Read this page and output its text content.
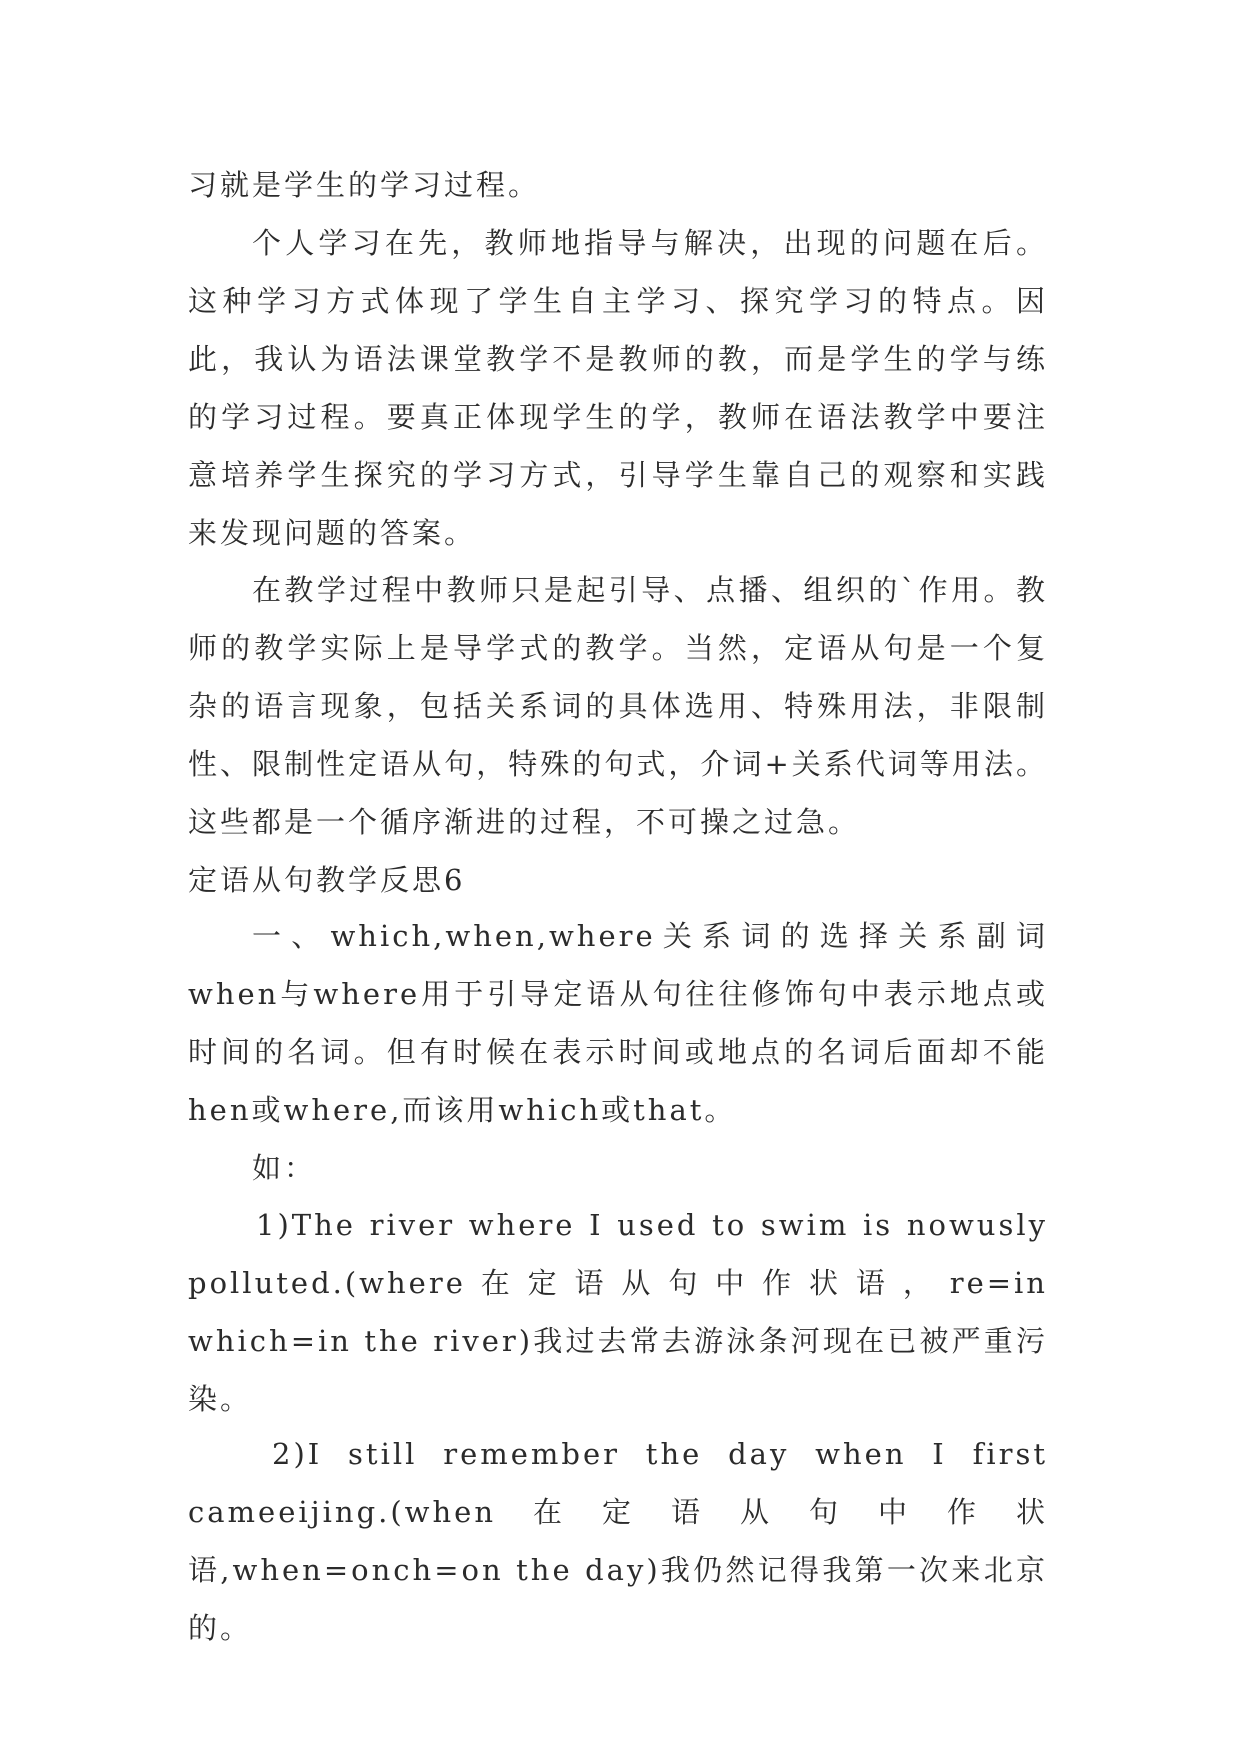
习就是学生的学习过程。

个人学习在先，教师地指导与解决，出现的问题在后。这种学习方式体现了学生自主学习、探究学习的特点。因此，我认为语法课堂教学不是教师的教，而是学生的学与练的学习过程。要真正体现学生的学，教师在语法教学中要注意培养学生探究的学习方式，引导学生靠自己的观察和实践来发现问题的答案。

在教学过程中教师只是起引导、点播、组织的`作用。教师的教学实际上是导学式的教学。当然，定语从句是一个复杂的语言现象，包括关系词的具体选用、特殊用法，非限制性、限制性定语从句，特殊的句式，介词+关系代词等用法。这些都是一个循序渐进的过程，不可操之过急。

定语从句教学反思6

一、which,when,where关系词的选择关系副词when与where用于引导定语从句往往修饰句中表示地点或时间的名词。但有时候在表示时间或地点的名词后面却不能hen或where,而该用which或that。

如：

1)The river where I used to swim is nowusly polluted.(where在定语从句中作状语，re=in which=in the river)我过去常去游泳条河现在已被严重污染。

2)I still remember the day when I first cameeijing.(when在定语从句中作状语,when=onch=on the day)我仍然记得我第一次来北京的。
